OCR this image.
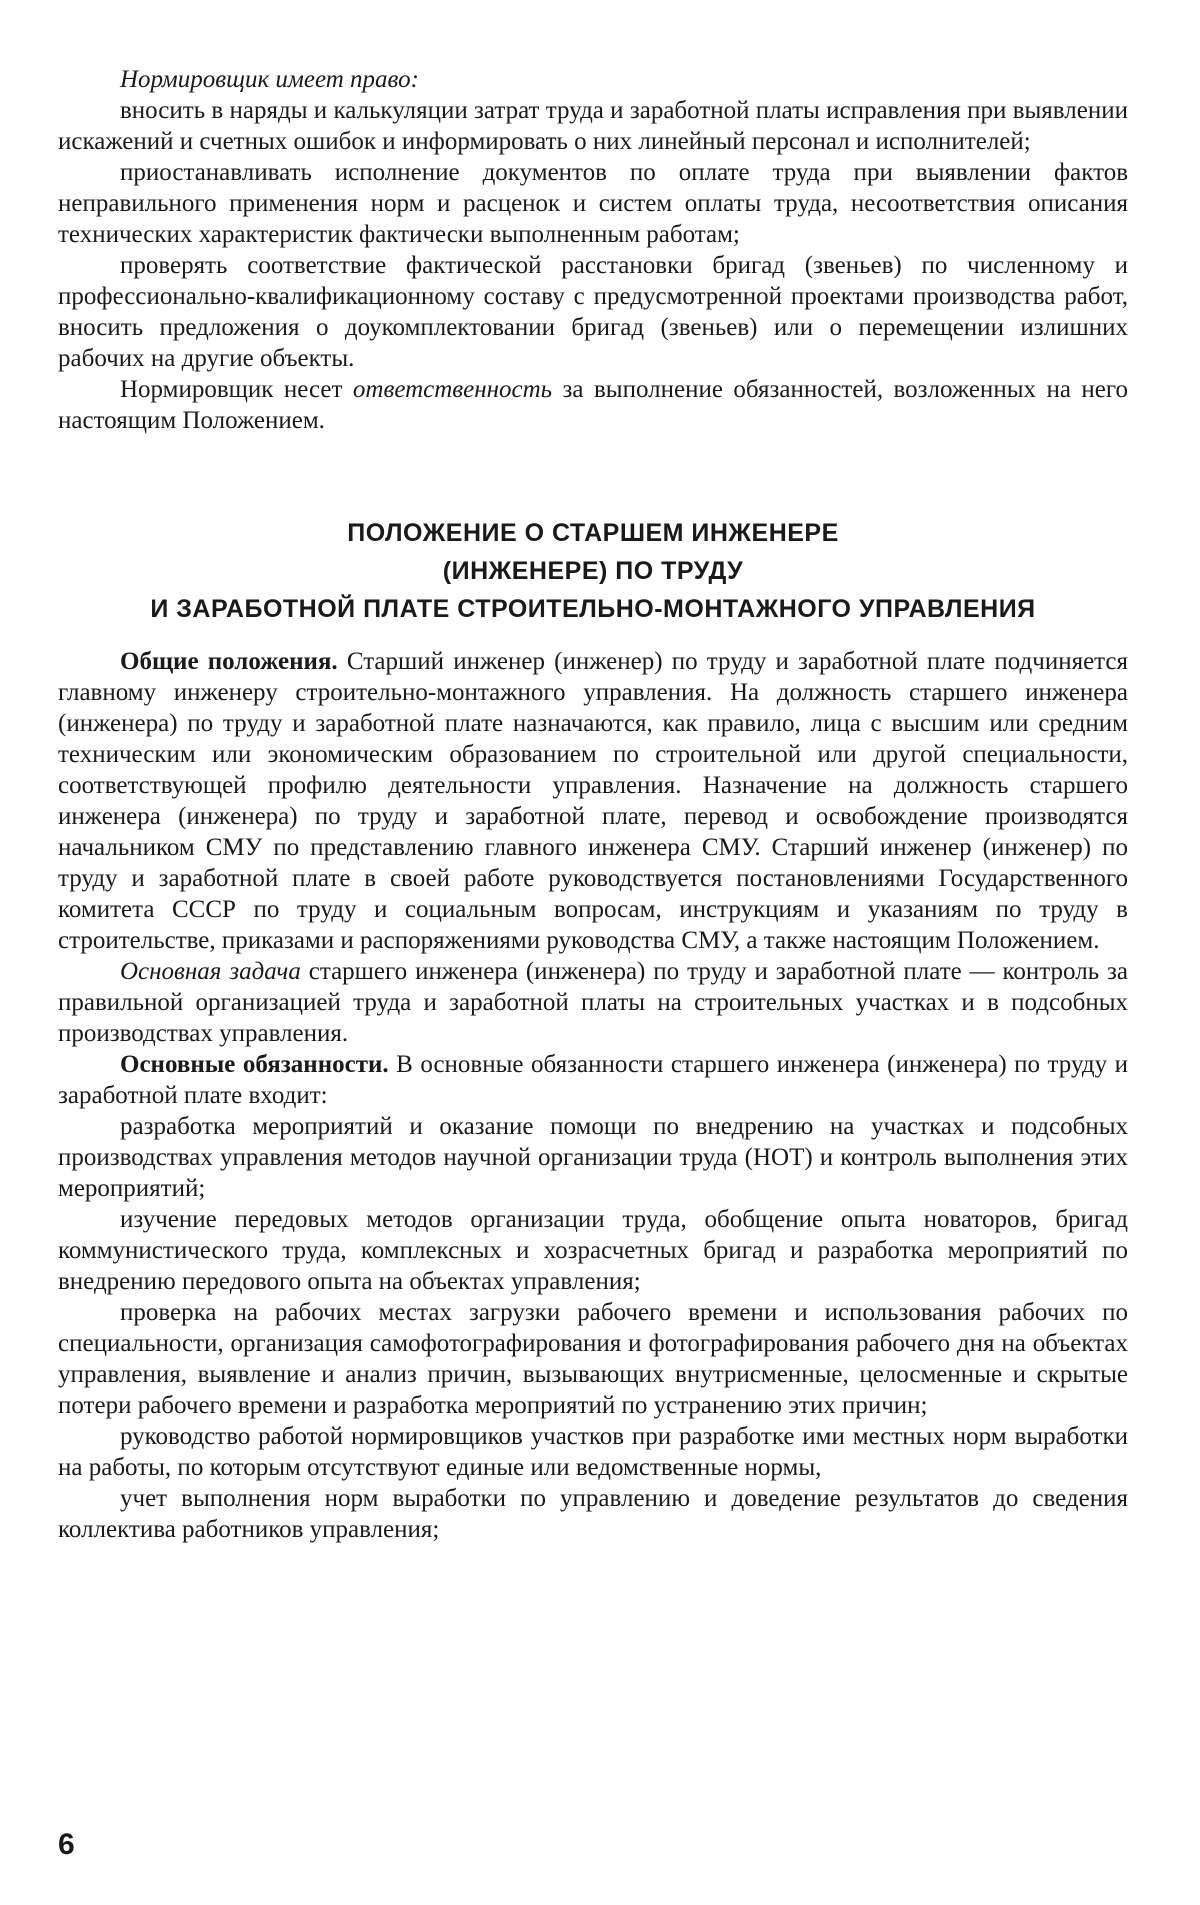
Нормировщик имеет право:

вносить в наряды и калькуляции затрат труда и заработной платы исправления при выявлении искажений и счетных ошибок и информировать о них линейный персонал и исполнителей;

приостанавливать исполнение документов по оплате труда при выявлении фактов неправильного применения норм и расценок и систем оплаты труда, несоответствия описания технических характеристик фактически выполненным работам;

проверять соответствие фактической расстановки бригад (звеньев) по численному и профессионально-квалификационному составу с предусмотренной проектами производства работ, вносить предложения о доукомплектовании бригад (звеньев) или о перемещении излишних рабочих на другие объекты.

Нормировщик несет ответственность за выполнение обязанностей, возложенных на него настоящим Положением.

ПОЛОЖЕНИЕ О СТАРШЕМ ИНЖЕНЕРЕ
(ИНЖЕНЕРЕ) ПО ТРУДУ
И ЗАРАБОТНОЙ ПЛАТЕ СТРОИТЕЛЬНО-МОНТАЖНОГО УПРАВЛЕНИЯ

Общие положения. Старший инженер (инженер) по труду и заработной плате подчиняется главному инженеру строительно-монтажного управления. На должность старшего инженера (инженера) по труду и заработной плате назначаются, как правило, лица с высшим или средним техническим или экономическим образованием по строительной или другой специальности, соответствующей профилю деятельности управления. Назначение на должность старшего инженера (инженера) по труду и заработной плате, перевод и освобождение производятся начальником СМУ по представлению главного инженера СМУ. Старший инженер (инженер) по труду и заработной плате в своей работе руководствуется постановлениями Государственного комитета СССР по труду и социальным вопросам, инструкциям и указаниям по труду в строительстве, приказами и распоряжениями руководства СМУ, а также настоящим Положением.

Основная задача старшего инженера (инженера) по труду и заработной плате — контроль за правильной организацией труда и заработной платы на строительных участках и в подсобных производствах управления.

Основные обязанности. В основные обязанности старшего инженера (инженера) по труду и заработной плате входит:

разработка мероприятий и оказание помощи по внедрению на участках и подсобных производствах управления методов научной организации труда (НОТ) и контроль выполнения этих мероприятий;

изучение передовых методов организации труда, обобщение опыта новаторов, бригад коммунистического труда, комплексных и хозрасчетных бригад и разработка мероприятий по внедрению передового опыта на объектах управления;

проверка на рабочих местах загрузки рабочего времени и использования рабочих по специальности, организация самофотографирования и фотографирования рабочего дня на объектах управления, выявление и анализ причин, вызывающих внутрисменные, целосменные и скрытые потери рабочего времени и разработка мероприятий по устранению этих причин;

руководство работой нормировщиков участков при разработке ими местных норм выработки на работы, по которым отсутствуют единые или ведомственные нормы,

учет выполнения норм выработки по управлению и доведение результатов до сведения коллектива работников управления;

6
